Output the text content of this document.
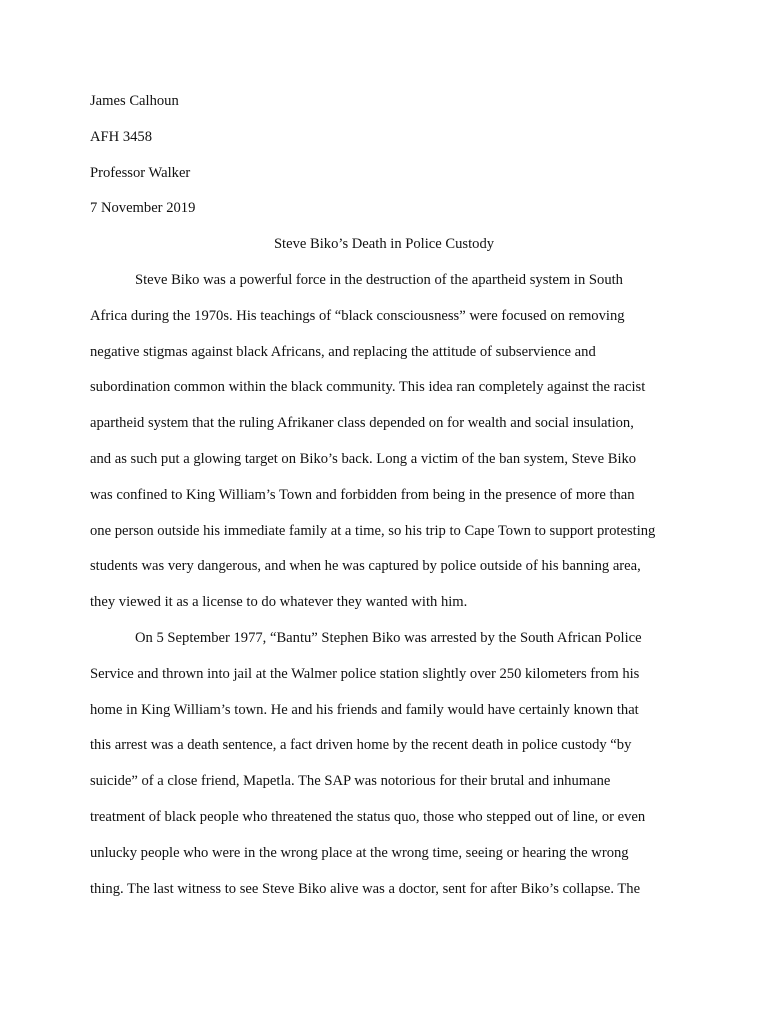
James Calhoun

AFH 3458

Professor Walker

7 November 2019

Steve Biko’s Death in Police Custody

Steve Biko was a powerful force in the destruction of the apartheid system in South
Africa during the 1970s. His teachings of “black consciousness” were focused on removing
negative stigmas against black Africans, and replacing the attitude of subservience and
subordination common within the black community. This idea ran completely against the racist
apartheid system that the ruling Afrikaner class depended on for wealth and social insulation,
and as such put a glowing target on Biko’s back. Long a victim of the ban system, Steve Biko
was confined to King William’s Town and forbidden from being in the presence of more than
one person outside his immediate family at a time, so his trip to Cape Town to support protesting
students was very dangerous, and when he was captured by police outside of his banning area,
they viewed it as a license to do whatever they wanted with him.

On 5 September 1977, “Bantu” Stephen Biko was arrested by the South African Police
Service and thrown into jail at the Walmer police station slightly over 250 kilometers from his
home in King William’s town. He and his friends and family would have certainly known that
this arrest was a death sentence, a fact driven home by the recent death in police custody “by
suicide” of a close friend, Mapetla. The SAP was notorious for their brutal and inhumane
treatment of black people who threatened the status quo, those who stepped out of line, or even
unlucky people who were in the wrong place at the wrong time, seeing or hearing the wrong
thing. The last witness to see Steve Biko alive was a doctor, sent for after Biko’s collapse. The
